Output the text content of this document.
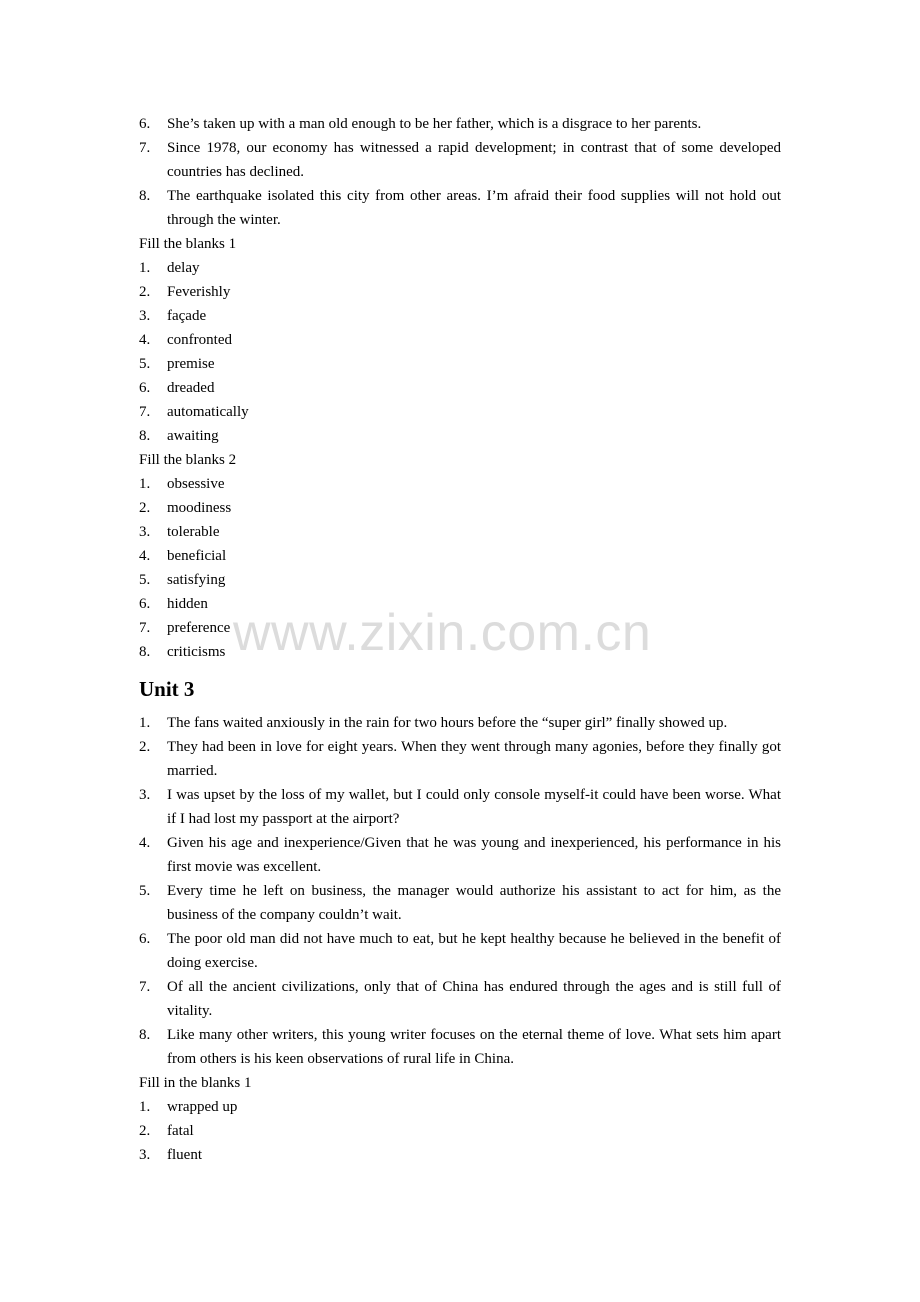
6.	She’s taken up with a man old enough to be her father, which is a disgrace to her parents.
7.	Since 1978, our economy has witnessed a rapid development; in contrast that of some developed countries has declined.
8.	The earthquake isolated this city from other areas. I’m afraid their food supplies will not hold out through the winter.
Fill the blanks 1
1.	delay
2.	Feverishly
3.	façade
4.	confronted
5.	premise
6.	dreaded
7.	automatically
8.	awaiting
Fill the blanks 2
1.	obsessive
2.	moodiness
3.	tolerable
4.	beneficial
5.	satisfying
6.	hidden
7.	preference
8.	criticisms
Unit 3
1.	The fans waited anxiously in the rain for two hours before the “super girl” finally showed up.
2.	They had been in love for eight years. When they went through many agonies, before they finally got married.
3.	I was upset by the loss of my wallet, but I could only console myself-it could have been worse. What if I had lost my passport at the airport?
4.	Given his age and inexperience/Given that he was young and inexperienced, his performance in his first movie was excellent.
5.	Every time he left on business, the manager would authorize his assistant to act for him, as the business of the company couldn’t wait.
6.	The poor old man did not have much to eat, but he kept healthy because he believed in the benefit of doing exercise.
7.	Of all the ancient civilizations, only that of China has endured through the ages and is still full of vitality.
8.	Like many other writers, this young writer focuses on the eternal theme of love. What sets him apart from others is his keen observations of rural life in China.
Fill in the blanks 1
1.	wrapped up
2.	fatal
3.	fluent
www.zixin.com.cn
